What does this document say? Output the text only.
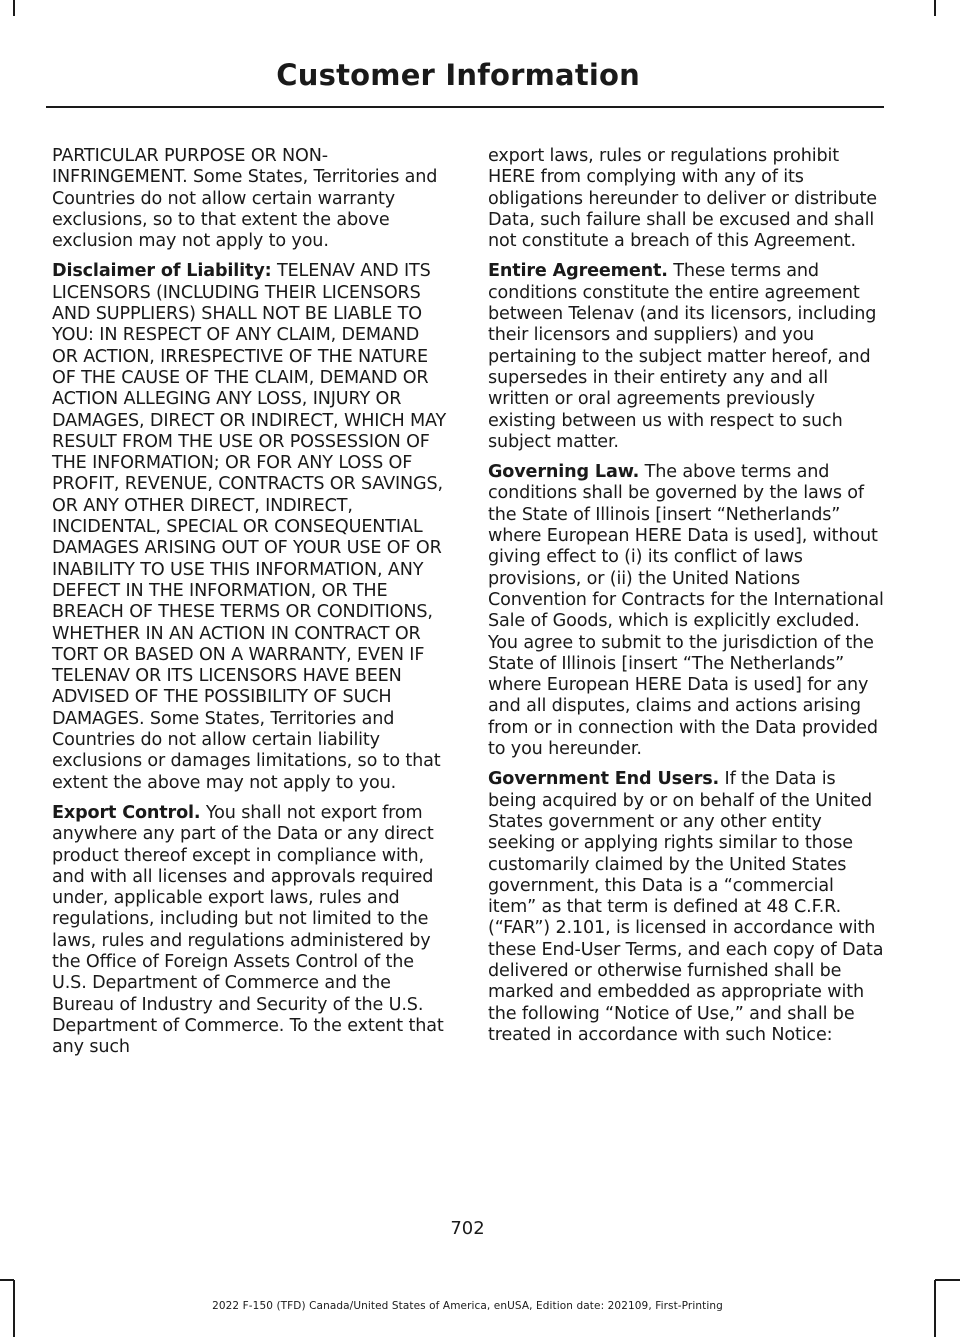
Customer Information

PARTICULAR PURPOSE OR NON-INFRINGEMENT. Some States, Territories and Countries do not allow certain warranty exclusions, so to that extent the above exclusion may not apply to you.

Disclaimer of Liability: TELENAV AND ITS LICENSORS (INCLUDING THEIR LICENSORS AND SUPPLIERS) SHALL NOT BE LIABLE TO YOU: IN RESPECT OF ANY CLAIM, DEMAND OR ACTION, IRRESPECTIVE OF THE NATURE OF THE CAUSE OF THE CLAIM, DEMAND OR ACTION ALLEGING ANY LOSS, INJURY OR DAMAGES, DIRECT OR INDIRECT, WHICH MAY RESULT FROM THE USE OR POSSESSION OF THE INFORMATION; OR FOR ANY LOSS OF PROFIT, REVENUE, CONTRACTS OR SAVINGS, OR ANY OTHER DIRECT, INDIRECT, INCIDENTAL, SPECIAL OR CONSEQUENTIAL DAMAGES ARISING OUT OF YOUR USE OF OR INABILITY TO USE THIS INFORMATION, ANY DEFECT IN THE INFORMATION, OR THE BREACH OF THESE TERMS OR CONDITIONS, WHETHER IN AN ACTION IN CONTRACT OR TORT OR BASED ON A WARRANTY, EVEN IF TELENAV OR ITS LICENSORS HAVE BEEN ADVISED OF THE POSSIBILITY OF SUCH DAMAGES. Some States, Territories and Countries do not allow certain liability exclusions or damages limitations, so to that extent the above may not apply to you.

Export Control. You shall not export from anywhere any part of the Data or any direct product thereof except in compliance with, and with all licenses and approvals required under, applicable export laws, rules and regulations, including but not limited to the laws, rules and regulations administered by the Office of Foreign Assets Control of the U.S. Department of Commerce and the Bureau of Industry and Security of the U.S. Department of Commerce. To the extent that any such

export laws, rules or regulations prohibit HERE from complying with any of its obligations hereunder to deliver or distribute Data, such failure shall be excused and shall not constitute a breach of this Agreement.

Entire Agreement. These terms and conditions constitute the entire agreement between Telenav (and its licensors, including their licensors and suppliers) and you pertaining to the subject matter hereof, and supersedes in their entirety any and all written or oral agreements previously existing between us with respect to such subject matter.

Governing Law. The above terms and conditions shall be governed by the laws of the State of Illinois [insert “Netherlands” where European HERE Data is used], without giving effect to (i) its conflict of laws provisions, or (ii) the United Nations Convention for Contracts for the International Sale of Goods, which is explicitly excluded. You agree to submit to the jurisdiction of the State of Illinois [insert “The Netherlands” where European HERE Data is used] for any and all disputes, claims and actions arising from or in connection with the Data provided to you hereunder.

Government End Users. If the Data is being acquired by or on behalf of the United States government or any other entity seeking or applying rights similar to those customarily claimed by the United States government, this Data is a “commercial item” as that term is defined at 48 C.F.R. (“FAR”) 2.101, is licensed in accordance with these End-User Terms, and each copy of Data delivered or otherwise furnished shall be marked and embedded as appropriate with the following “Notice of Use,” and shall be treated in accordance with such Notice:

702
2022 F-150 (TFD) Canada/United States of America, enUSA, Edition date: 202109, First-Printing
